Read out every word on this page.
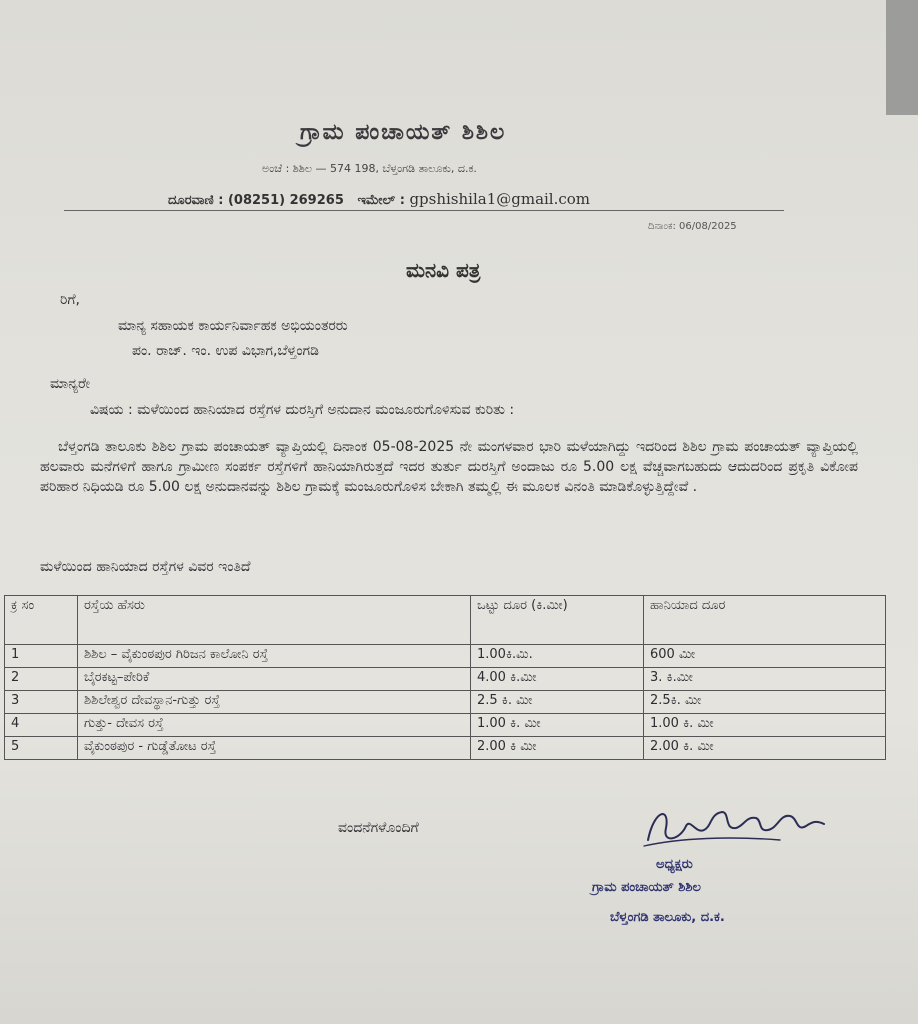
ಗ್ರಾಮ ಪಂಚಾಯತ್ ಶಿಶಿಲ
ಅಂಚೆ : ಶಿಶಿಲ — 574 198, ಬೆಳ್ತಂಗಡಿ ತಾಲೂಕು, ದ.ಕ.
ದೂರವಾಣಿ : (08251) 269265 ಇಮೇಲ್ : gpshishila1@gmail.com
ದಿನಾಂಕ: 06/08/2025
ಮನವಿ ಪತ್ರ
ರಿಗೆ,
ಮಾನ್ಯ ಸಹಾಯಕ ಕಾರ್ಯನಿರ್ವಾಹಕ ಅಭಿಯಂತರರು
ಪಂ. ರಾಜ್. ಇಂ. ಉಪ ವಿಭಾಗ,ಬೆಳ್ತಂಗಡಿ
ಮಾನ್ಯರೇ
ವಿಷಯ : ಮಳೆಯಿಂದ ಹಾನಿಯಾದ ರಸ್ತೆಗಳ ದುರಸ್ತಿಗೆ ಅನುದಾನ ಮಂಜೂರುಗೊಳಿಸುವ ಕುರಿತು :

ಬೆಳ್ತಂಗಡಿ ತಾಲೂಕು ಶಿಶಿಲ ಗ್ರಾಮ ಪಂಚಾಯತ್ ವ್ಯಾಪ್ತಿಯಲ್ಲಿ ದಿನಾಂಕ 05-08-2025 ನೇ ಮಂಗಳವಾರ ಭಾರಿ ಮಳೆಯಾಗಿದ್ದು ಇದರಿಂದ ಶಿಶಿಲ ಗ್ರಾಮ ಪಂಚಾಯತ್ ವ್ಯಾಪ್ತಿಯಲ್ಲಿ ಹಲವಾರು ಮನೆಗಳಿಗೆ ಹಾಗೂ ಗ್ರಾಮೀಣ ಸಂಪರ್ಕ ರಸ್ತೆಗಳಿಗೆ ಹಾನಿಯಾಗಿರುತ್ತದೆ ಇದರ ತುರ್ತು ದುರಸ್ತಿಗೆ ಅಂದಾಜು ರೂ 5.00 ಲಕ್ಷ ವೆಚ್ಚವಾಗಬಹುದು ಆದುದರಿಂದ ಪ್ರಕೃತಿ ವಿಕೋಪ ಪರಿಹಾರ ನಿಧಿಯಡಿ ರೂ 5.00 ಲಕ್ಷ ಅನುದಾನವನ್ನು ಶಿಶಿಲ ಗ್ರಾಮಕ್ಕೆ ಮಂಜೂರುಗೊಳಿಸ ಬೇಕಾಗಿ ತಮ್ಮಲ್ಲಿ ಈ ಮೂಲಕ ವಿನಂತಿ ಮಾಡಿಕೊಳ್ಳುತ್ತಿದ್ದೇವೆ .

ಮಳೆಯಿಂದ ಹಾನಿಯಾದ ರಸ್ತೆಗಳ ವಿವರ ಇಂತಿದೆ
ಕ್ರ ಸಂ	ರಸ್ತೆಯ ಹೆಸರು	ಒಟ್ಟು ದೂರ (ಕಿ.ಮೀ)	ಹಾನಿಯಾದ ದೂರ
1	ಶಿಶಿಲ – ವೈಕುಂಠಪುರ ಗಿರಿಜನ ಕಾಲೋನಿ ರಸ್ತೆ	1.00ಕಿ.ಮಿ.	600 ಮೀ
2	ಬೈರಕಟ್ಟ–ಪೇರಿಕೆ	4.00 ಕಿ.ಮೀ	3. ಕಿ.ಮೀ
3	ಶಿಶಿಲೇಶ್ವರ ದೇವಸ್ಥಾನ-ಗುತ್ತು ರಸ್ತೆ	2.5 ಕಿ. ಮೀ	2.5ಕಿ. ಮೀ
4	ಗುತ್ತು- ದೇವಸ ರಸ್ತೆ	1.00 ಕಿ. ಮೀ	1.00 ಕಿ. ಮೀ
5	ವೈಕುಂಠಪುರ - ಗುಡ್ಡೆತೋಟ ರಸ್ತೆ	2.00 ಕಿ ಮೀ	2.00 ಕಿ. ಮೀ
ವಂದನೆಗಳೊಂದಿಗೆ
ಅಧ್ಯಕ್ಷರು
ಗ್ರಾಮ ಪಂಚಾಯತ್ ಶಿಶಿಲ
ಬೆಳ್ತಂಗಡಿ ತಾಲೂಕು, ದ.ಕ.
